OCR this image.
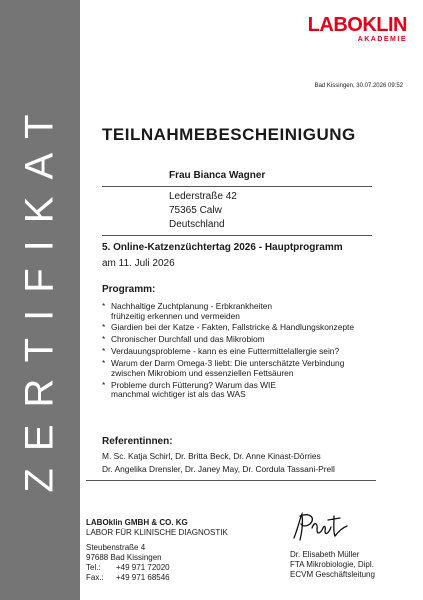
ZERTIFIKAT
LABOKLIN
AKADEMIE
Bad Kissingen, 30.07.2026 09:52
TEILNAHMEBESCHEINIGUNG
Frau Bianca Wagner
Lederstraße 42
75365 Calw
Deutschland
5. Online-Katzenzüchtertag 2026 - Hauptprogramm
am 11. Juli 2026
Programm:
* Nachhaltige Zuchtplanung - Erbkrankheiten
frühzeitig erkennen und vermeiden
* Giardien bei der Katze - Fakten, Fallstricke & Handlungskonzepte
* Chronischer Durchfall und das Mikrobiom
* Verdauungsprobleme - kann es eine Futtermittelallergie sein?
* Warum der Darm Omega-3 liebt: Die unterschätzte Verbindung
zwischen Mikrobiom und essenziellen Fettsäuren
* Probleme durch Fütterung? Warum das WIE
manchmal wichtiger ist als das WAS
Referentinnen:
M. Sc. Katja Schirl, Dr. Britta Beck, Dr. Anne Kinast-Dörries
Dr. Angelika Drensler, Dr. Janey May, Dr. Cordula Tassani-Prell
LABOklin GMBH & CO. KG
LABOR FÜR KLINISCHE DIAGNOSTIK
Steubenstraße 4
97688 Bad Kissingen
Tel.: +49 971 72020
Fax.: +49 971 68546
Dr. Elisabeth Müller
FTA Mikrobiologie, Dipl.
ECVM Geschäftsleitung
